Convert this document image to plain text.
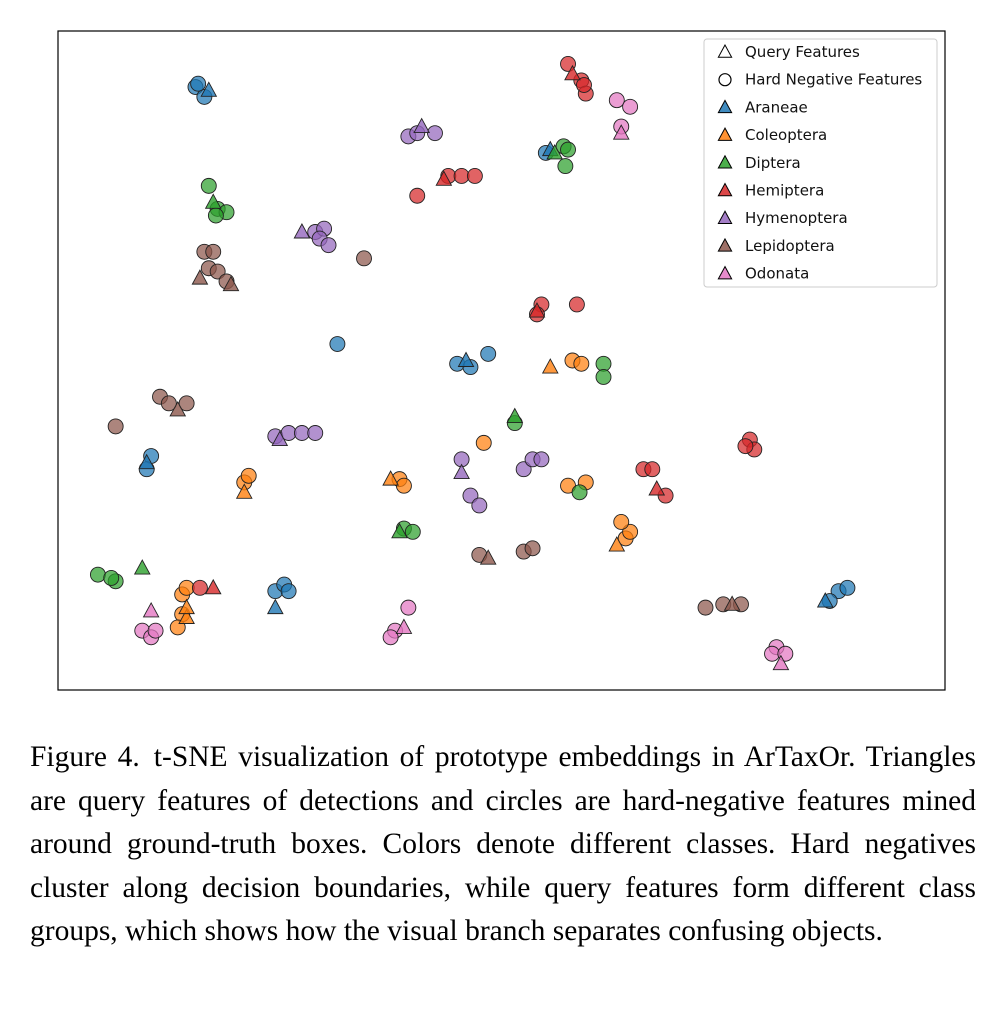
Query Features
Hard Negative Features
Araneae
Coleoptera
Diptera
Hemiptera
Hymenoptera
Lepidoptera
Odonata
Figure 4. t-SNE visualization of prototype embeddings in ArTaxOr. Triangles are query features of detections and circles are hard-negative features mined around ground-truth boxes. Colors denote different classes. Hard negatives cluster along decision boundaries, while query features form different class groups, which shows how the visual branch separates confusing objects.
